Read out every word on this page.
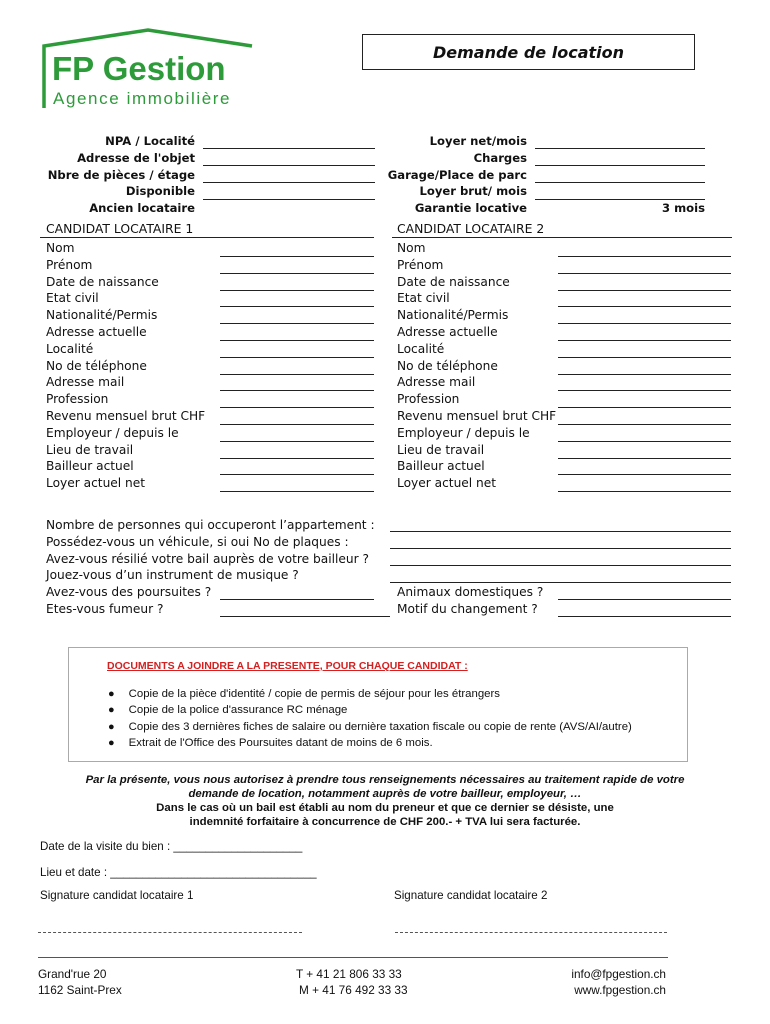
FP Gestion
Agence immobilière
Demande de location
NPA / Localité
Adresse de l'objet
Nbre de pièces / étage
Disponible
Ancien locataire
Loyer net/mois
Charges
Garage/Place de parc
Loyer brut/ mois
Garantie locative	3 mois
CANDIDAT LOCATAIRE 1
Nom
Prénom
Date de naissance
Etat civil
Nationalité/Permis
Adresse actuelle
Localité
No de téléphone
Adresse mail
Profession
Revenu mensuel brut CHF
Employeur / depuis le
Lieu de travail
Bailleur actuel
Loyer actuel net
CANDIDAT LOCATAIRE 2
Nom
Prénom
Date de naissance
Etat civil
Nationalité/Permis
Adresse actuelle
Localité
No de téléphone
Adresse mail
Profession
Revenu mensuel brut CHF
Employeur / depuis le
Lieu de travail
Bailleur actuel
Loyer actuel net
Nombre de personnes qui occuperont l’appartement :
Possédez-vous un véhicule, si oui No de plaques :
Avez-vous résilié votre bail auprès de votre bailleur ?
Jouez-vous d’un instrument de musique ?
Avez-vous des poursuites ?
Etes-vous fumeur ?
Animaux domestiques ?
Motif du changement ?
DOCUMENTS A JOINDRE A LA PRESENTE, POUR CHAQUE CANDIDAT :
● Copie de la pièce d'identité / copie de permis de séjour pour les étrangers
● Copie de la police d'assurance RC ménage
● Copie des 3 dernières fiches de salaire ou dernière taxation fiscale ou copie de rente (AVS/AI/autre)
● Extrait de l'Office des Poursuites datant de moins de 6 mois.
Par la présente, vous nous autorisez à prendre tous renseignements nécessaires au traitement rapide de votre
demande de location, notamment auprès de votre bailleur, employeur, …
Dans le cas où un bail est établi au nom du preneur et que ce dernier se désiste, une
indemnité forfaitaire à concurrence de CHF 200.- + TVA lui sera facturée.
Date de la visite du bien : ____________________
Lieu et date : ________________________________
Signature candidat locataire 1	Signature candidat locataire 2
Grand'rue 20
1162 Saint-Prex
T + 41 21 806 33 33
M + 41 76 492 33 33
info@fpgestion.ch
www.fpgestion.ch
